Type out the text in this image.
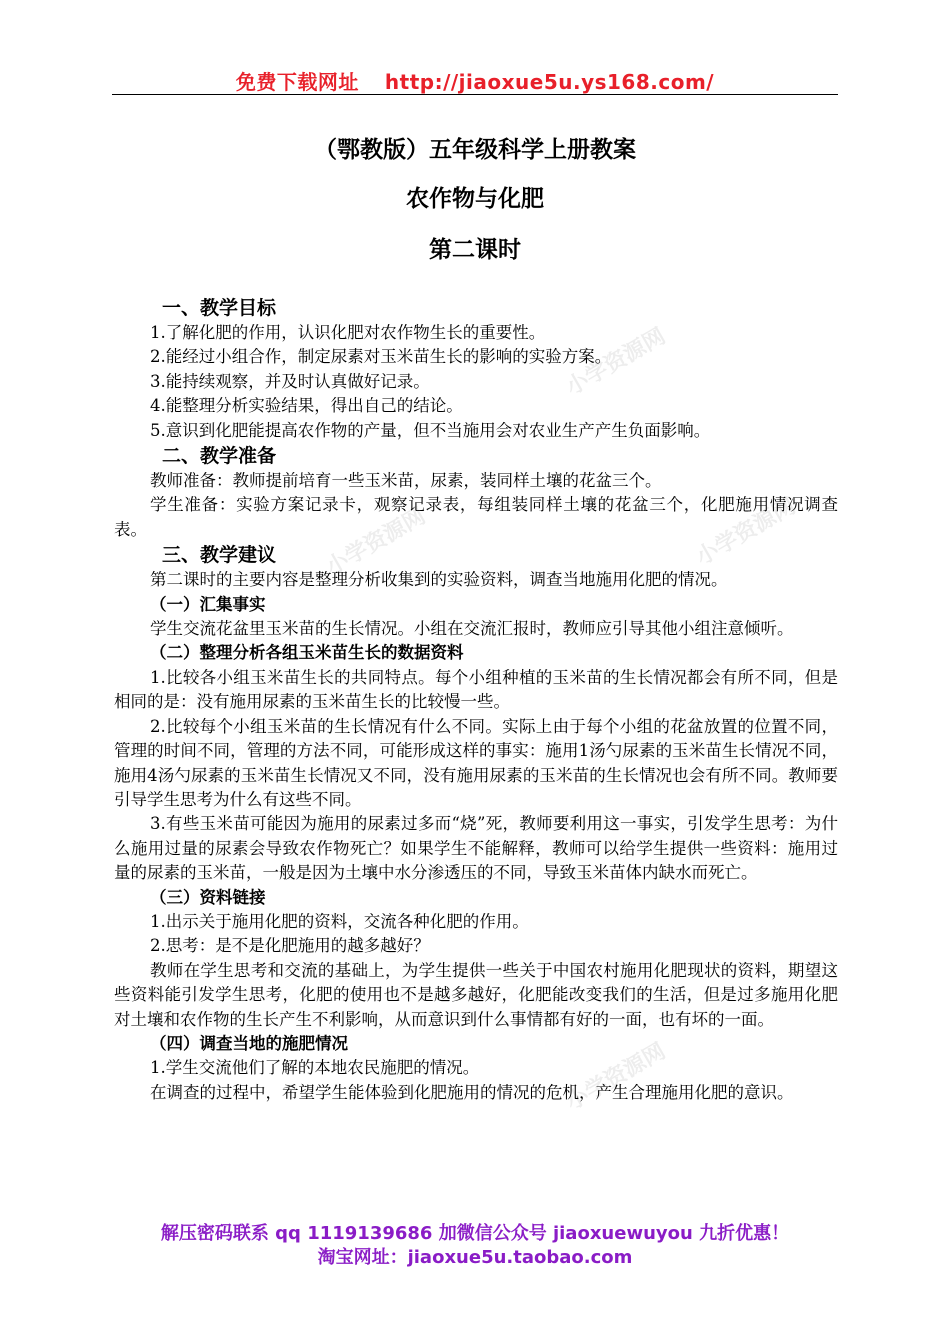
免费下载网址 http://jiaoxue5u.ys168.com/
（鄂教版）五年级科学上册教案
农作物与化肥
第二课时
小学资源网
小学资源网
小学资源网
小学资源网

一、教学目标

1.了解化肥的作用，认识化肥对农作物生长的重要性。

2.能经过小组合作，制定尿素对玉米苗生长的影响的实验方案。

3.能持续观察，并及时认真做好记录。

4.能整理分析实验结果，得出自己的结论。

5.意识到化肥能提高农作物的产量，但不当施用会对农业生产产生负面影响。

二、教学准备

教师准备：教师提前培育一些玉米苗，尿素，装同样土壤的花盆三个。

学生准备：实验方案记录卡，观察记录表，每组装同样土壤的花盆三个，化肥施用情况调查表。

三、教学建议

第二课时的主要内容是整理分析收集到的实验资料，调查当地施用化肥的情况。

（一）汇集事实

学生交流花盆里玉米苗的生长情况。小组在交流汇报时，教师应引导其他小组注意倾听。

（二）整理分析各组玉米苗生长的数据资料

1.比较各小组玉米苗生长的共同特点。每个小组种植的玉米苗的生长情况都会有所不同，但是相同的是：没有施用尿素的玉米苗生长的比较慢一些。

2.比较每个小组玉米苗的生长情况有什么不同。实际上由于每个小组的花盆放置的位置不同，管理的时间不同，管理的方法不同，可能形成这样的事实：施用1汤勺尿素的玉米苗生长情况不同，施用4汤勺尿素的玉米苗生长情况又不同，没有施用尿素的玉米苗的生长情况也会有所不同。教师要引导学生思考为什么有这些不同。

3.有些玉米苗可能因为施用的尿素过多而“烧”死，教师要利用这一事实，引发学生思考：为什么施用过量的尿素会导致农作物死亡？如果学生不能解释，教师可以给学生提供一些资料：施用过量的尿素的玉米苗，一般是因为土壤中水分渗透压的不同，导致玉米苗体内缺水而死亡。

（三）资料链接

1.出示关于施用化肥的资料，交流各种化肥的作用。

2.思考：是不是化肥施用的越多越好？

教师在学生思考和交流的基础上，为学生提供一些关于中国农村施用化肥现状的资料，期望这些资料能引发学生思考，化肥的使用也不是越多越好，化肥能改变我们的生活，但是过多施用化肥对土壤和农作物的生长产生不利影响，从而意识到什么事情都有好的一面，也有坏的一面。

（四）调查当地的施肥情况

1.学生交流他们了解的本地农民施肥的情况。

在调查的过程中，希望学生能体验到化肥施用的情况的危机，产生合理施用化肥的意识。

解压密码联系 qq 1119139686 加微信公众号 jiaoxuewuyou 九折优惠！
淘宝网址：jiaoxue5u.taobao.com
